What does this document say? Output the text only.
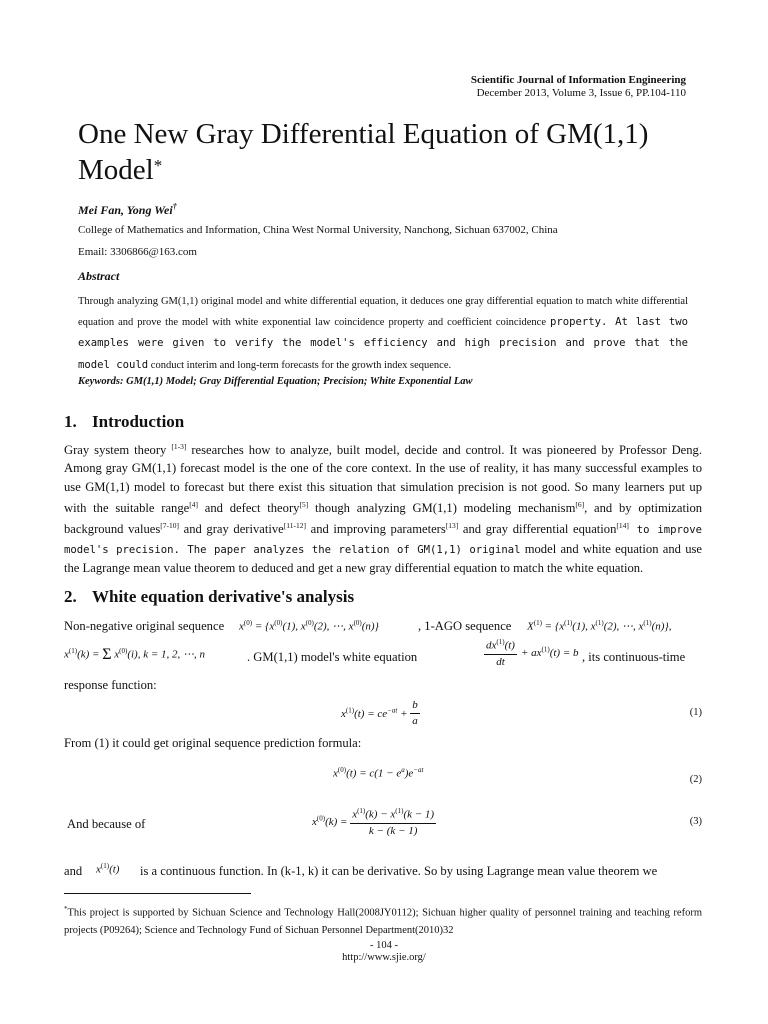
Scientific Journal of Information Engineering
December 2013, Volume 3, Issue 6, PP.104-110
One New Gray Differential Equation of GM(1,1) Model*
Mei Fan, Yong Wei†
College of Mathematics and Information, China West Normal University, Nanchong, Sichuan 637002, China
Email: 3306866@163.com
Abstract
Through analyzing GM(1,1) original model and white differential equation, it deduces one gray differential equation to match white differential equation and prove the model with white exponential law coincidence property and coefficient coincidence property. At last two examples were given to verify the model's efficiency and high precision and prove that the model could conduct interim and long-term forecasts for the growth index sequence.
Keywords: GM(1,1) Model; Gray Differential Equation; Precision; White Exponential Law
1. Introduction
Gray system theory [1-3] researches how to analyze, built model, decide and control. It was pioneered by Professor Deng. Among gray GM(1,1) forecast model is the one of the core context. In the use of reality, it has many successful examples to use GM(1,1) model to forecast but there exist this situation that simulation precision is not good. So many learners put up with the suitable range[4] and defect theory[5] though analyzing GM(1,1) modeling mechanism[6], and by optimization background values[7-10] and gray derivative[11-12] and improving parameters[13] and gray differential equation[14] to improve model's precision. The paper analyzes the relation of GM(1,1) original model and white equation and use the Lagrange mean value theorem to deduced and get a new gray differential equation to match the white equation.
2. White equation derivative's analysis
Non-negative original sequence $x^{(0)} = \{x^{(0)}(1)$, $x^{(0)}(2)$, ⋯, $x^{(0)}(n)$}	, 1-AGO sequence $X^{(1)} = \{x^{(1)}(1)$, $x^{(1)}(2)$, ⋯, $x^{(1)}(n)$},
$x^{(1)}(k) = \Sigma$ $x^{(0)}(i)$, k = 1, 2, ⋯, n	. GM(1,1) model's white equation	$\frac{dx^{(1)}(t)}{dt} + ax^{(1)}(t) = b$ , its continuous-time
response function:
$x^{(1)}(t) = ce^{-at} + \frac{b}{a}$	(1)
From (1) it could get original sequence prediction formula:
$x^{(0)}(t) = c(1 - e^a)e^{-at}$
(2)
And because of	$x^{(0)}(k) = \frac{x^{(1)}(k) - x^{(1)}(k - 1)}{k - (k - 1)}$	(3)
and $x^{(1)}(t)$ is a continuous function. In (k-1, k) it can be derivative. So by using Lagrange mean value theorem we
*This project is supported by Sichuan Science and Technology Hall(2008JY0112); Sichuan higher quality of personnel training and teaching reform projects (P09264); Science and Technology Fund of Sichuan Personnel Department(2010)32
- 104 -
http://www.sjie.org/
